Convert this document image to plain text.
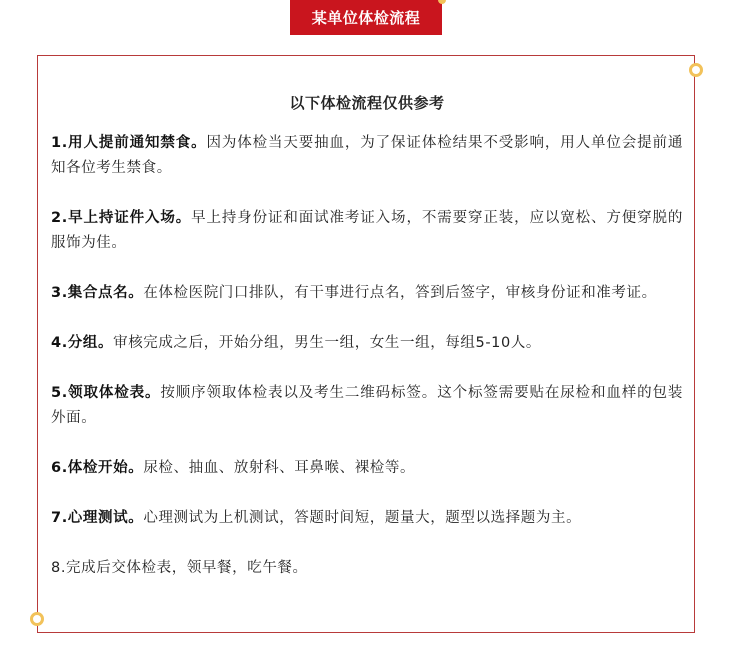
某单位体检流程

以下体检流程仅供参考

1.用人提前通知禁食。因为体检当天要抽血，为了保证体检结果不受影响，用人单位会提前通知各位考生禁食。

2.早上持证件入场。早上持身份证和面试准考证入场，不需要穿正装，应以宽松、方便穿脱的服饰为佳。

3.集合点名。在体检医院门口排队，有干事进行点名，答到后签字，审核身份证和准考证。

4.分组。审核完成之后，开始分组，男生一组，女生一组，每组5-10人。

5.领取体检表。按顺序领取体检表以及考生二维码标签。这个标签需要贴在尿检和血样的包装外面。

6.体检开始。尿检、抽血、放射科、耳鼻喉、裸检等。

7.心理测试。心理测试为上机测试，答题时间短，题量大，题型以选择题为主。

8.完成后交体检表，领早餐，吃午餐。
